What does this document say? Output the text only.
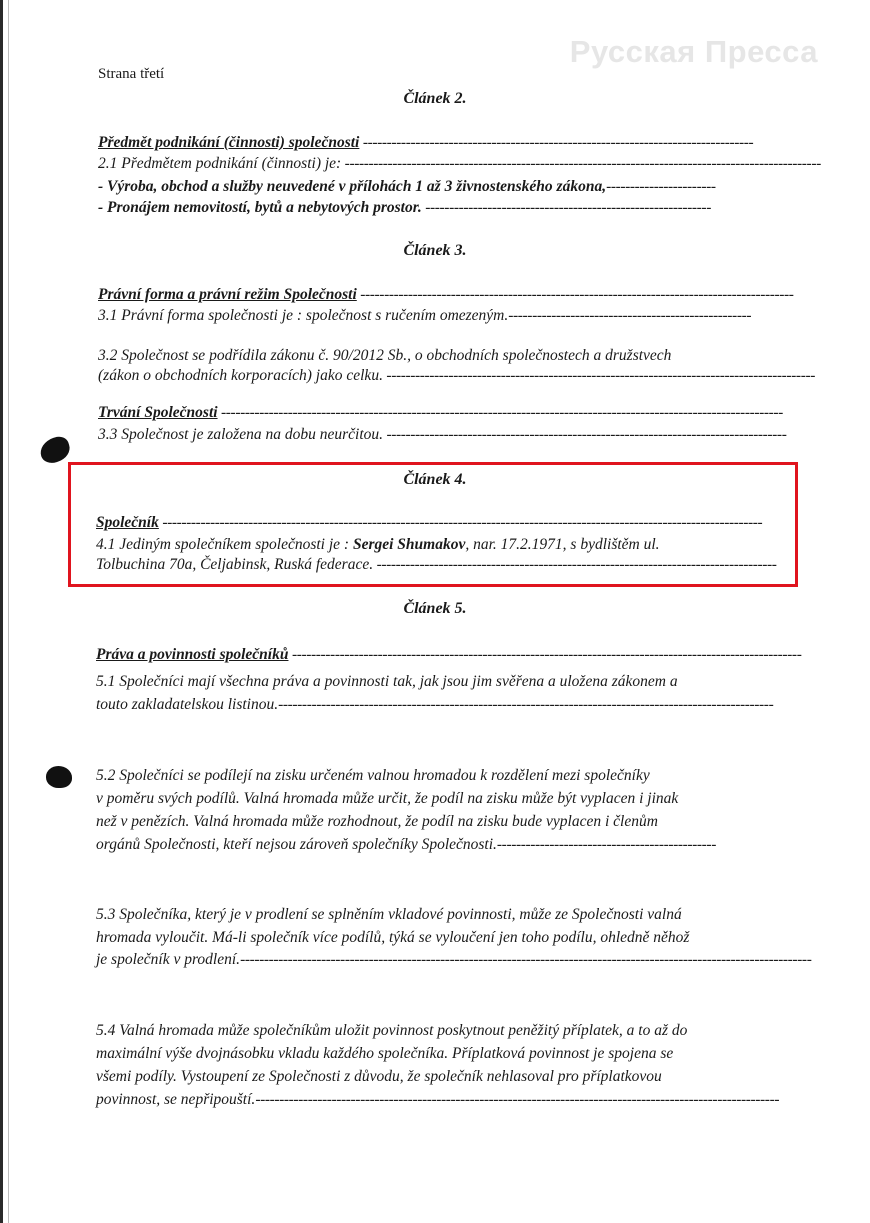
Русская Пресса
Strana třetí
Článek 2.
Předmět podnikání (činnosti) společnosti ----------------------------------------------------------------------------------
2.1 Předmětem podnikání (činnosti) je: ----------------------------------------------------------------------------------------------------
- Výroba, obchod a služby neuvedené v přílohách 1 až 3 živnostenského zákona,-----------------------
- Pronájem nemovitostí, bytů a nebytových prostor. ------------------------------------------------------------
Článek 3.
Právní forma a právní režim Společnosti -------------------------------------------------------------------------------------------
3.1 Právní forma společnosti je : společnost s ručením omezeným.---------------------------------------------------
3.2 Společnost se podřídila zákonu č. 90/2012 Sb., o obchodních společnostech a družstvech
(zákon o obchodních korporacích) jako celku. ------------------------------------------------------------------------------------------
Trvání Společnosti ----------------------------------------------------------------------------------------------------------------------
3.3 Společnost je založena na dobu neurčitou. ------------------------------------------------------------------------------------
Článek 4.
Společník ------------------------------------------------------------------------------------------------------------------------------
4.1 Jediným společníkem společnosti je : Sergei Shumakov, nar. 17.2.1971, s bydlištěm ul.
Tolbuchina 70a, Čeljabinsk, Ruská federace. ------------------------------------------------------------------------------------
Článek 5.
Práva a povinnosti společníků -----------------------------------------------------------------------------------------------------------
5.1 Společníci mají všechna práva a povinnosti tak, jak jsou jim svěřena a uložena zákonem a
touto zakladatelskou listinou.--------------------------------------------------------------------------------------------------------
5.2 Společníci se podílejí na zisku určeném valnou hromadou k rozdělení mezi společníky
v poměru svých podílů. Valná hromada může určit, že podíl na zisku může být vyplacen i jinak
než v penězích. Valná hromada může rozhodnout, že podíl na zisku bude vyplacen i členům
orgánů Společnosti, kteří nejsou zároveň společníky Společnosti.----------------------------------------------
5.3 Společníka, který je v prodlení se splněním vkladové povinnosti, může ze Společnosti valná
hromada vyloučit. Má-li společník více podílů, týká se vyloučení jen toho podílu, ohledně něhož
je společník v prodlení.------------------------------------------------------------------------------------------------------------------------
5.4 Valná hromada může společníkům uložit povinnost poskytnout peněžitý příplatek, a to až do
maximální výše dvojnásobku vkladu každého společníka. Příplatková povinnost je spojena se
všemi podíly. Vystoupení ze Společnosti z důvodu, že společník nehlasoval pro příplatkovou
povinnost, se nepřipouští.--------------------------------------------------------------------------------------------------------------
